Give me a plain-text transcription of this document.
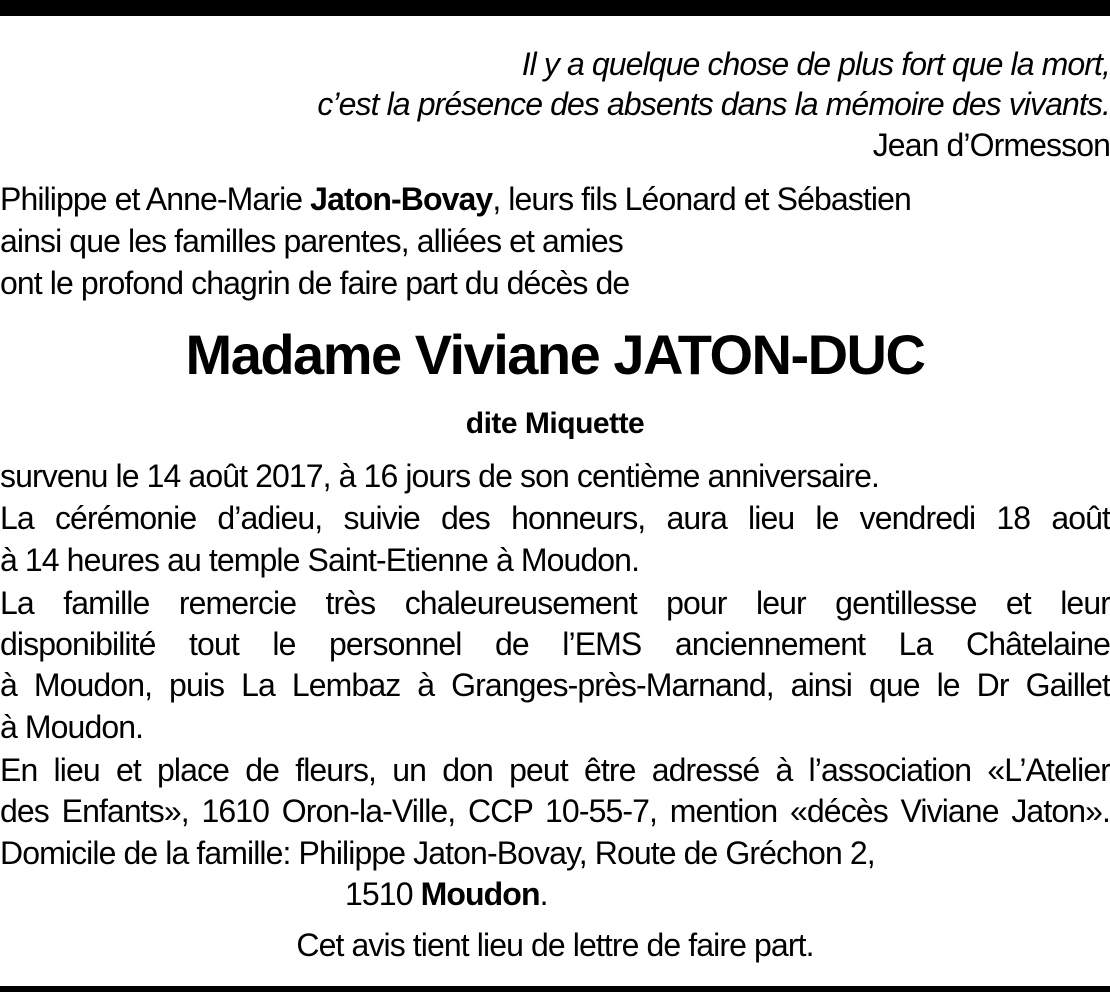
Il y a quelque chose de plus fort que la mort,
c’est la présence des absents dans la mémoire des vivants.
Jean d’Ormesson
Philippe et Anne-Marie Jaton-Bovay, leurs fils Léonard et Sébastien
ainsi que les familles parentes, alliées et amies
ont le profond chagrin de faire part du décès de
Madame Viviane JATON-DUC
dite Miquette
survenu le 14 août 2017, à 16 jours de son centième anniversaire.
La cérémonie d’adieu, suivie des honneurs, aura lieu le vendredi 18 août
à 14 heures au temple Saint-Etienne à Moudon.
La famille remercie très chaleureusement pour leur gentillesse et leur
disponibilité tout le personnel de l’EMS anciennement La Châtelaine
à Moudon, puis La Lembaz à Granges-près-Marnand, ainsi que le Dr Gaillet
à Moudon.
En lieu et place de fleurs, un don peut être adressé à l’association «L’Atelier
des Enfants», 1610 Oron-la-Ville, CCP 10-55-7, mention «décès Viviane Jaton».
Domicile de la famille: Philippe Jaton-Bovay, Route de Gréchon 2,
1510 Moudon.
Cet avis tient lieu de lettre de faire part.
